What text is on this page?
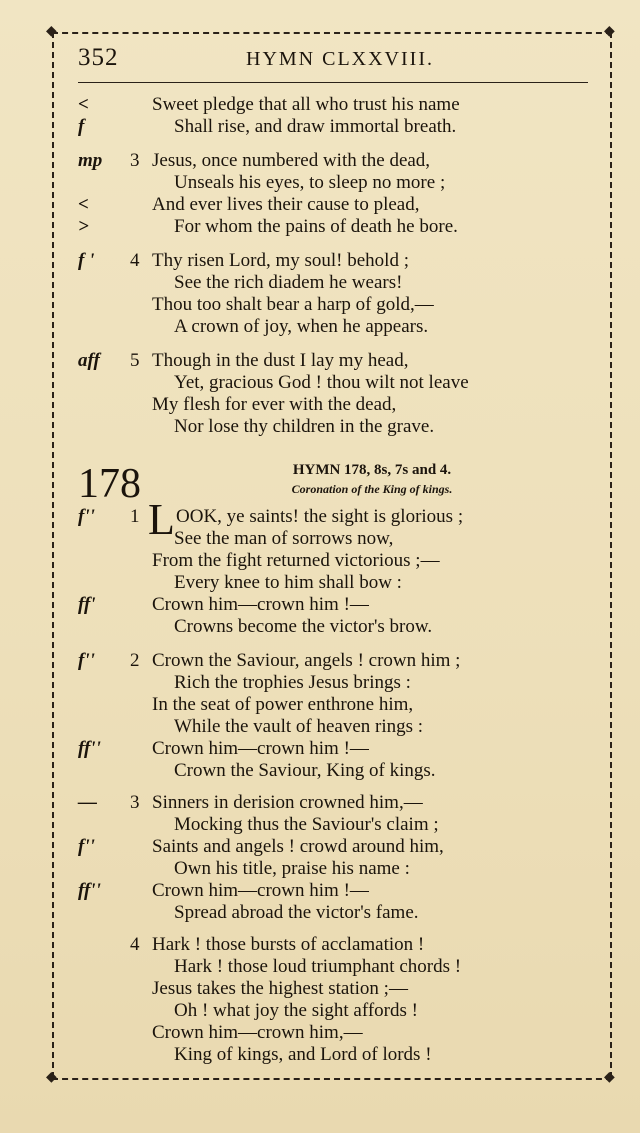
◆	◆
◆	◆
352	HYMN CLXXVIII.
<	Sweet pledge that all who trust his name
f	Shall rise, and draw immortal breath.
mp 3 Jesus, once numbered with the dead,
Unseals his eyes, to sleep no more ;
<	And ever lives their cause to plead,
>	For whom the pains of death he bore.
f ' 4 Thy risen Lord, my soul! behold ;
See the rich diadem he wears!
Thou too shalt bear a harp of gold,—
A crown of joy, when he appears.
aff 5 Though in the dust I lay my head,
Yet, gracious God ! thou wilt not leave
My flesh for ever with the dead,
Nor lose thy children in the grave.
178	HYMN 178, 8s, 7s and 4.
Coronation of the King of kings.
L
f'' 1 OOK, ye saints! the sight is glorious ;
See the man of sorrows now,
From the fight returned victorious ;—
Every knee to him shall bow :
ff'	Crown him—crown him !—
Crowns become the victor's brow.
f'' 2 Crown the Saviour, angels ! crown him ;
Rich the trophies Jesus brings :
In the seat of power enthrone him,
While the vault of heaven rings :
ff''	Crown him—crown him !—
Crown the Saviour, King of kings.
— 3 Sinners in derision crowned him,—
Mocking thus the Saviour's claim ;
f''	Saints and angels ! crowd around him,
Own his title, praise his name :
ff''	Crown him—crown him !—
Spread abroad the victor's fame.
4 Hark ! those bursts of acclamation !
Hark ! those loud triumphant chords !
Jesus takes the highest station ;—
Oh ! what joy the sight affords !
Crown him—crown him,—
King of kings, and Lord of lords !
